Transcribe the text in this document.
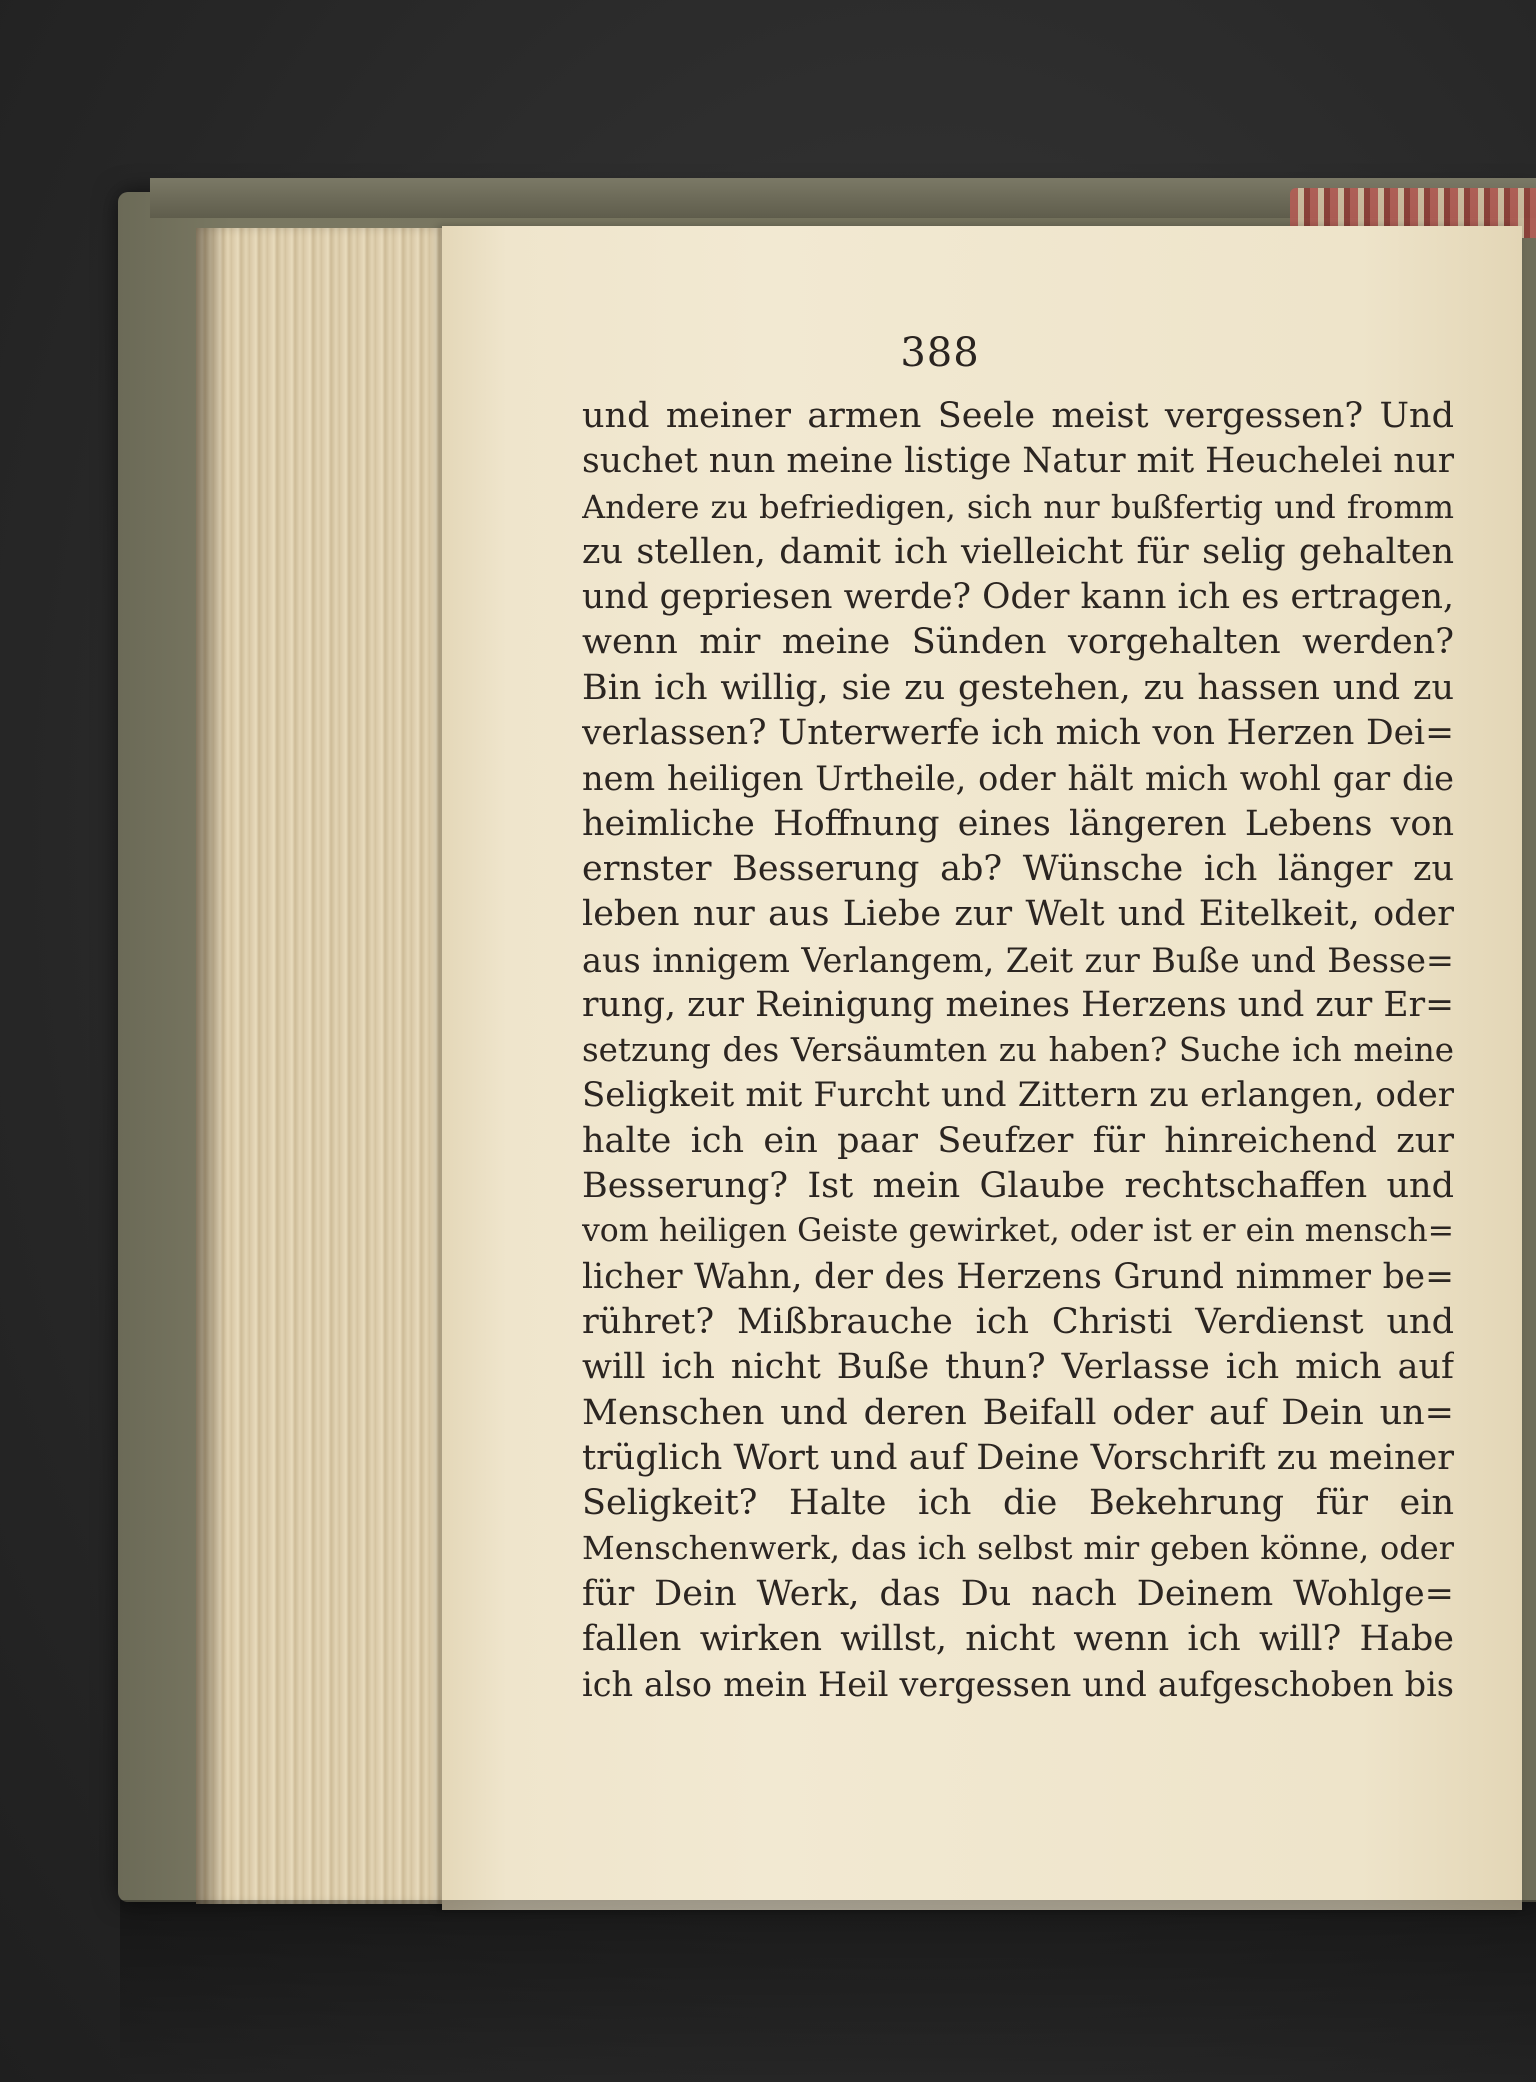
388
und meiner armen Seele meist vergessen? Und
suchet nun meine listige Natur mit Heuchelei nur
Andere zu befriedigen, sich nur bußfertig und fromm
zu stellen, damit ich vielleicht für selig gehalten
und gepriesen werde? Oder kann ich es ertragen,
wenn mir meine Sünden vorgehalten werden?
Bin ich willig, sie zu gestehen, zu hassen und zu
verlassen? Unterwerfe ich mich von Herzen Dei=
nem heiligen Urtheile, oder hält mich wohl gar die
heimliche Hoffnung eines längeren Lebens von
ernster Besserung ab? Wünsche ich länger zu
leben nur aus Liebe zur Welt und Eitelkeit, oder
aus innigem Verlangem, Zeit zur Buße und Besse=
rung, zur Reinigung meines Herzens und zur Er=
setzung des Versäumten zu haben? Suche ich meine
Seligkeit mit Furcht und Zittern zu erlangen, oder
halte ich ein paar Seufzer für hinreichend zur
Besserung? Ist mein Glaube rechtschaffen und
vom heiligen Geiste gewirket, oder ist er ein mensch=
licher Wahn, der des Herzens Grund nimmer be=
rühret? Mißbrauche ich Christi Verdienst und
will ich nicht Buße thun? Verlasse ich mich auf
Menschen und deren Beifall oder auf Dein un=
trüglich Wort und auf Deine Vorschrift zu meiner
Seligkeit? Halte ich die Bekehrung für ein
Menschenwerk, das ich selbst mir geben könne, oder
für Dein Werk, das Du nach Deinem Wohlge=
fallen wirken willst, nicht wenn ich will? Habe
ich also mein Heil vergessen und aufgeschoben bis
